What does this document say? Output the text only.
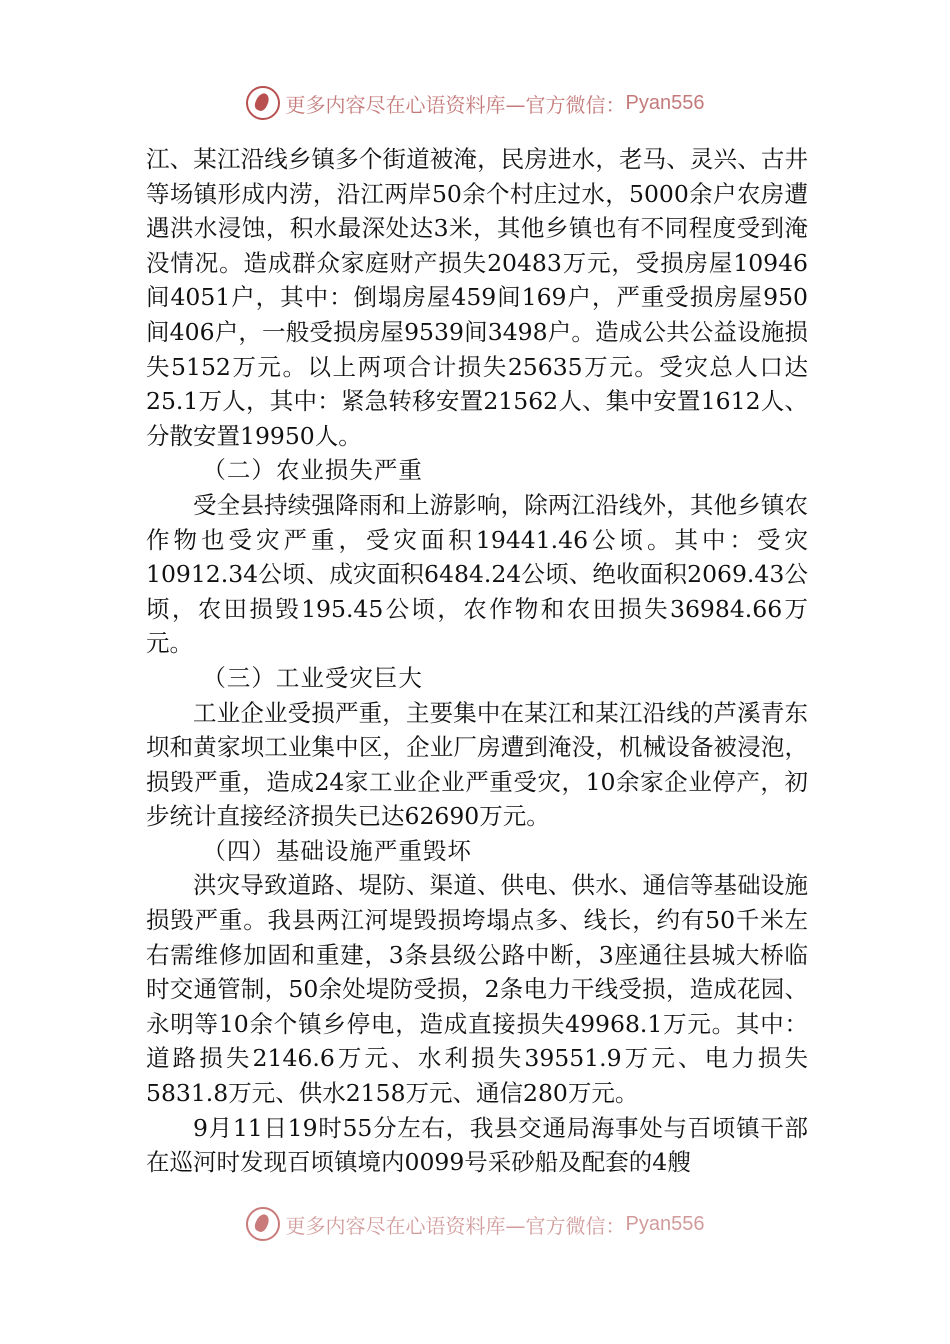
更多内容尽在心语资料库—官方微信： Pyan556

江、某江沿线乡镇多个街道被淹，民房进水，老马、灵兴、古井等场镇形成内涝，沿江两岸50余个村庄过水，5000余户农房遭遇洪水浸蚀，积水最深处达3米，其他乡镇也有不同程度受到淹没情况。造成群众家庭财产损失20483万元，受损房屋10946间4051户，其中：倒塌房屋459间169户，严重受损房屋950间406户，一般受损房屋9539间3498户。造成公共公益设施损失5152万元。以上两项合计损失25635万元。受灾总人口达25.1万人，其中：紧急转移安置21562人、集中安置1612人、分散安置19950人。

（二）农业损失严重

受全县持续强降雨和上游影响，除两江沿线外，其他乡镇农作物也受灾严重，受灾面积19441.46公顷。其中：受灾10912.34公顷、成灾面积6484.24公顷、绝收面积2069.43公顷，农田损毁195.45公顷，农作物和农田损失36984.66万元。

（三）工业受灾巨大

工业企业受损严重，主要集中在某江和某江沿线的芦溪青东坝和黄家坝工业集中区，企业厂房遭到淹没，机械设备被浸泡，损毁严重，造成24家工业企业严重受灾，10余家企业停产，初步统计直接经济损失已达62690万元。

（四）基础设施严重毁坏

洪灾导致道路、堤防、渠道、供电、供水、通信等基础设施损毁严重。我县两江河堤毁损垮塌点多、线长，约有50千米左右需维修加固和重建，3条县级公路中断，3座通往县城大桥临时交通管制，50余处堤防受损，2条电力干线受损，造成花园、永明等10余个镇乡停电，造成直接损失49968.1万元。其中：道路损失2146.6万元、水利损失39551.9万元、电力损失5831.8万元、供水2158万元、通信280万元。

9月11日19时55分左右，我县交通局海事处与百顷镇干部在巡河时发现百顷镇境内0099号采砂船及配套的4艘

更多内容尽在心语资料库—官方微信： Pyan556
